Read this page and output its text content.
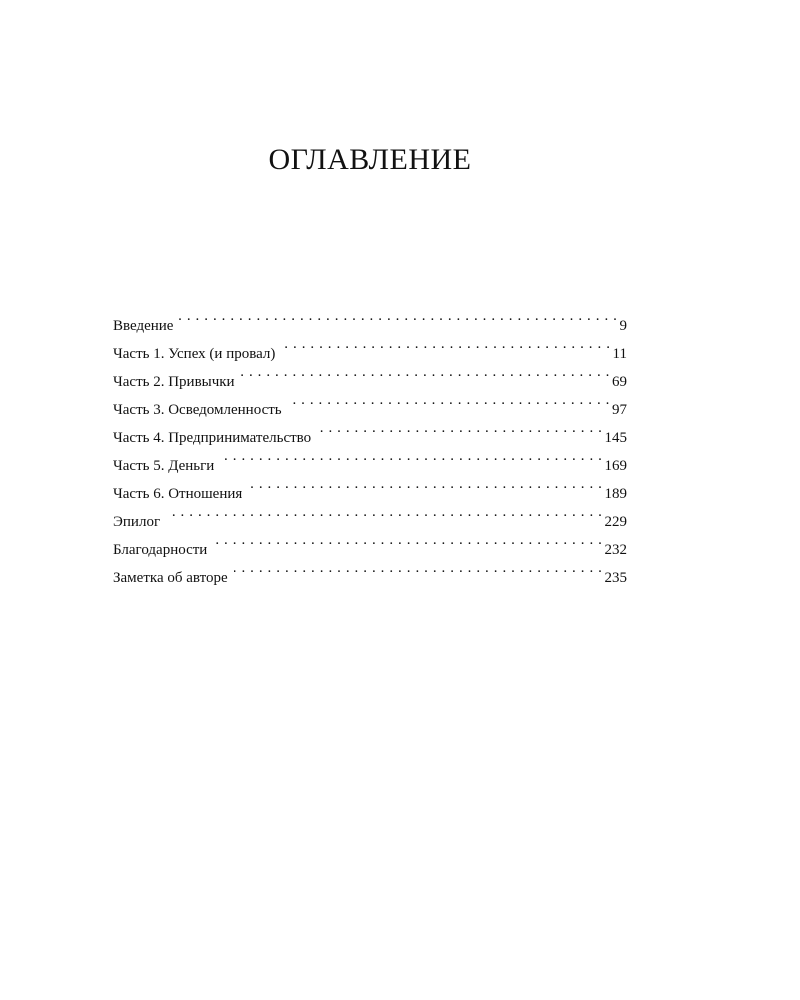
ОГЛАВЛЕНИЕ
Введение . . .	9
Часть 1. Успех (и провал) . . .	11
Часть 2. Привычки . . .	69
Часть 3. Осведомленность . . .	97
Часть 4. Предпринимательство . . .	145
Часть 5. Деньги . . .	169
Часть 6. Отношения . . .	189
Эпилог . . .	229
Благодарности . . .	232
Заметка об авторе . . .	235
